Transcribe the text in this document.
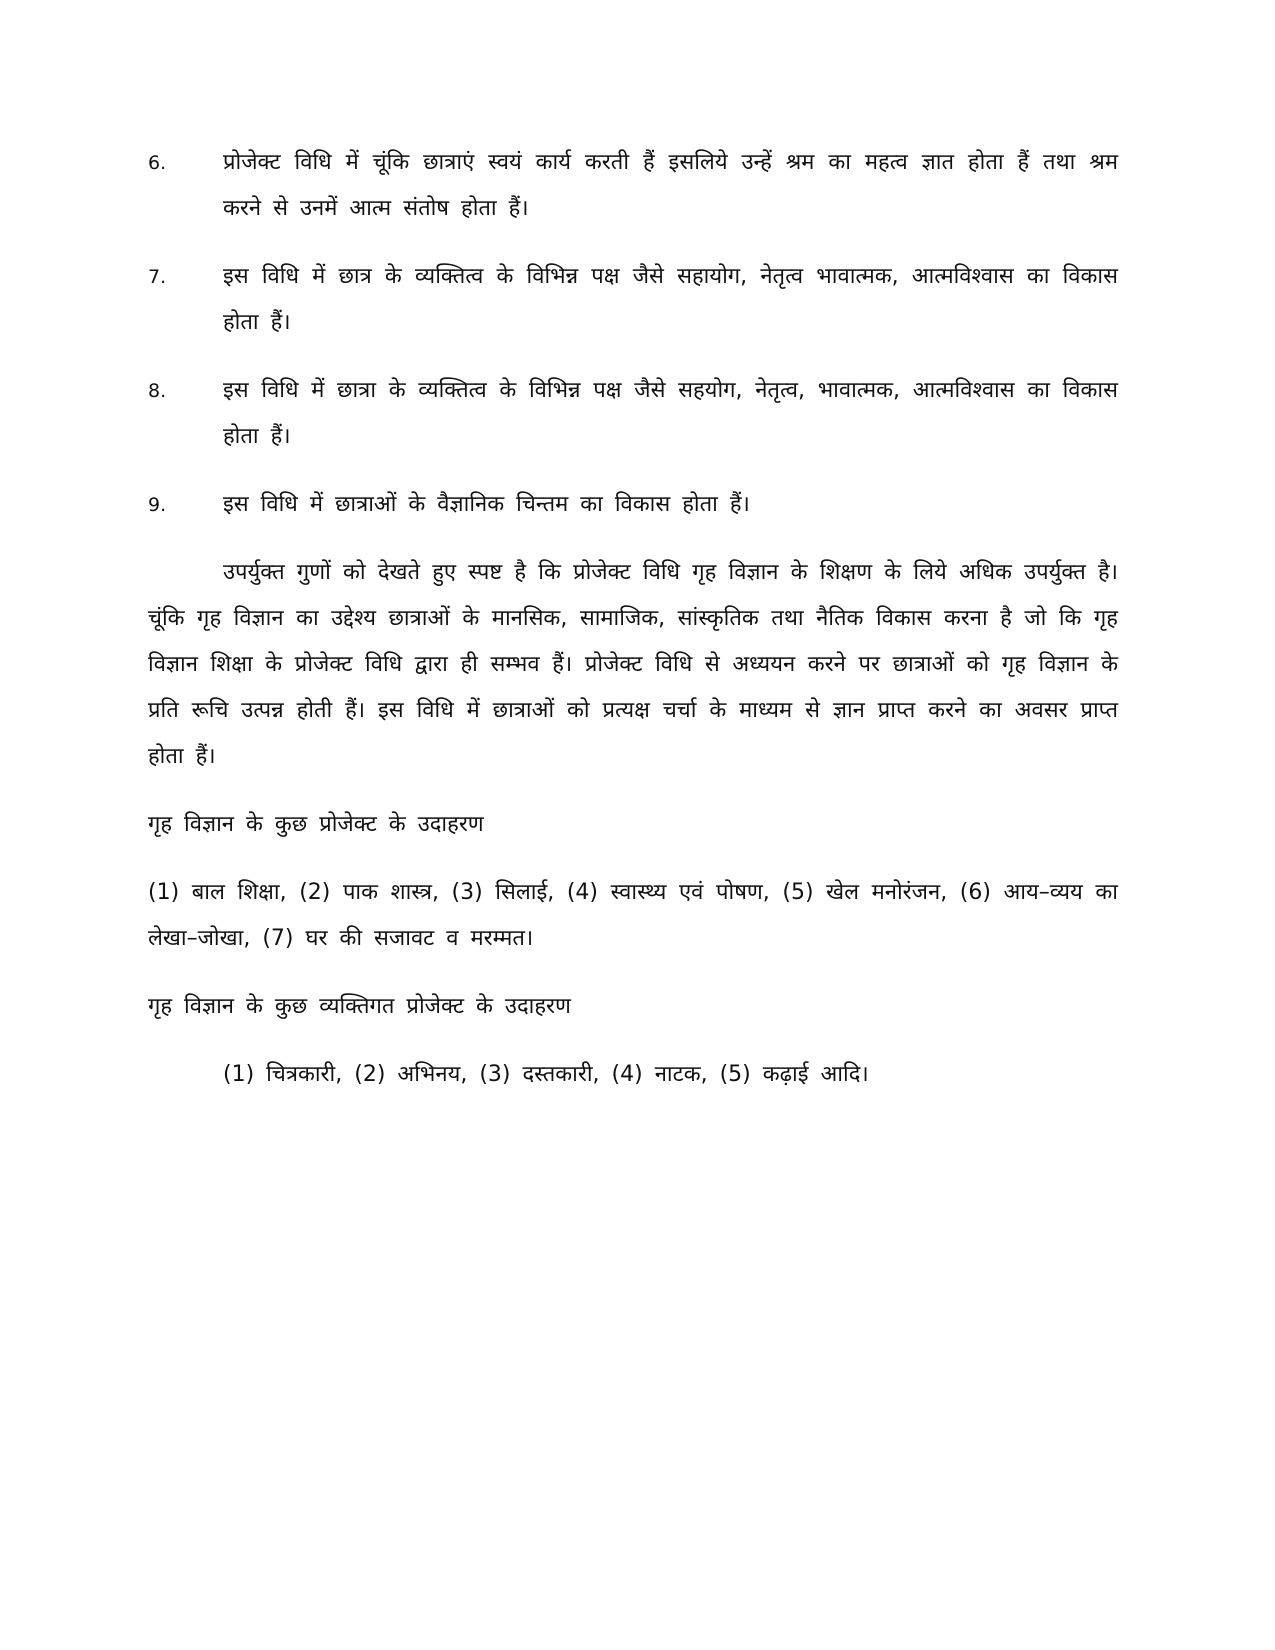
6.	प्रोजेक्ट विधि में चूंकि छात्राएं स्वयं कार्य करती हैं इसलिये उन्हें श्रम का महत्व ज्ञात होता हैं तथा श्रम करने से उनमें आत्म संतोष होता हैं।
7.	इस विधि में छात्र के व्यक्तित्व के विभिन्न पक्ष जैसे सहायोग, नेतृत्व भावात्मक, आत्मविश्वास का विकास होता हैं।
8.	इस विधि में छात्रा के व्यक्तित्व के विभिन्न पक्ष जैसे सहयोग, नेतृत्व, भावात्मक, आत्मविश्वास का विकास होता हैं।
9.	इस विधि में छात्राओं के वैज्ञानिक चिन्तम का विकास होता हैं।

उपर्युक्त गुणों को देखते हुए स्पष्ट है कि प्रोजेक्ट विधि गृह विज्ञान के शिक्षण के लिये अधिक उपर्युक्त है। चूंकि गृह विज्ञान का उद्देश्य छात्राओं के मानसिक, सामाजिक, सांस्कृतिक तथा नैतिक विकास करना है जो कि गृह विज्ञान शिक्षा के प्रोजेक्ट विधि द्वारा ही सम्भव हैं। प्रोजेक्ट विधि से अध्ययन करने पर छात्राओं को गृह विज्ञान के प्रति रूचि उत्पन्न होती हैं। इस विधि में छात्राओं को प्रत्यक्ष चर्चा के माध्यम से ज्ञान प्राप्त करने का अवसर प्राप्त होता हैं।

गृह विज्ञान के कुछ प्रोजेक्ट के उदाहरण

(1) बाल शिक्षा, (2) पाक शास्त्र, (3) सिलाई, (4) स्वास्थ्य एवं पोषण, (5) खेल मनोरंजन, (6) आय–व्यय का लेखा–जोखा, (7) घर की सजावट व मरम्मत।

गृह विज्ञान के कुछ व्यक्तिगत प्रोजेक्ट के उदाहरण

(1) चित्रकारी, (2) अभिनय, (3) दस्तकारी, (4) नाटक, (5) कढ़ाई आदि।
